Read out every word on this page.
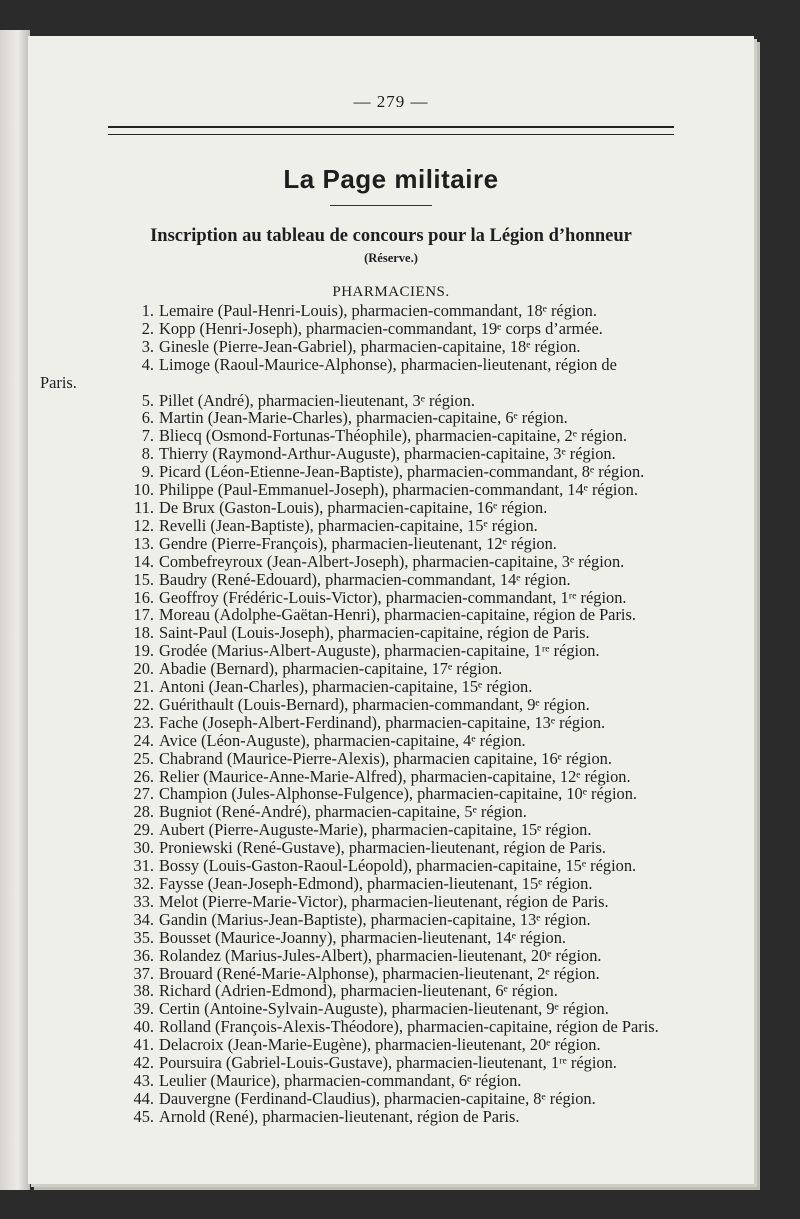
— 279 —
La Page militaire
Inscription au tableau de concours pour la Légion d’honneur
(Réserve.)
PHARMACIENS.
1. Lemaire (Paul-Henri-Louis), pharmacien-commandant, 18ᵉ région.
2. Kopp (Henri-Joseph), pharmacien-commandant, 19ᵉ corps d’armée.
3. Ginesle (Pierre-Jean-Gabriel), pharmacien-capitaine, 18ᵉ région.
4. Limoge (Raoul-Maurice-Alphonse), pharmacien-lieutenant, région de
Paris.
5. Pillet (André), pharmacien-lieutenant, 3ᵉ région.
6. Martin (Jean-Marie-Charles), pharmacien-capitaine, 6ᵉ région.
7. Bliecq (Osmond-Fortunas-Théophile), pharmacien-capitaine, 2ᵉ région.
8. Thierry (Raymond-Arthur-Auguste), pharmacien-capitaine, 3ᵉ région.
9. Picard (Léon-Etienne-Jean-Baptiste), pharmacien-commandant, 8ᵉ région.
10. Philippe (Paul-Emmanuel-Joseph), pharmacien-commandant, 14ᵉ région.
11. De Brux (Gaston-Louis), pharmacien-capitaine, 16ᵉ région.
12. Revelli (Jean-Baptiste), pharmacien-capitaine, 15ᵉ région.
13. Gendre (Pierre-François), pharmacien-lieutenant, 12ᵉ région.
14. Combefreyroux (Jean-Albert-Joseph), pharmacien-capitaine, 3ᵉ région.
15. Baudry (René-Edouard), pharmacien-commandant, 14ᵉ région.
16. Geoffroy (Frédéric-Louis-Victor), pharmacien-commandant, 1ʳᵉ région.
17. Moreau (Adolphe-Gaëtan-Henri), pharmacien-capitaine, région de Paris.
18. Saint-Paul (Louis-Joseph), pharmacien-capitaine, région de Paris.
19. Grodée (Marius-Albert-Auguste), pharmacien-capitaine, 1ʳᵉ région.
20. Abadie (Bernard), pharmacien-capitaine, 17ᵉ région.
21. Antoni (Jean-Charles), pharmacien-capitaine, 15ᵉ région.
22. Guérithault (Louis-Bernard), pharmacien-commandant, 9ᵉ région.
23. Fache (Joseph-Albert-Ferdinand), pharmacien-capitaine, 13ᵉ région.
24. Avice (Léon-Auguste), pharmacien-capitaine, 4ᵉ région.
25. Chabrand (Maurice-Pierre-Alexis), pharmacien capitaine, 16ᵉ région.
26. Relier (Maurice-Anne-Marie-Alfred), pharmacien-capitaine, 12ᵉ région.
27. Champion (Jules-Alphonse-Fulgence), pharmacien-capitaine, 10ᵉ région.
28. Bugniot (René-André), pharmacien-capitaine, 5ᵉ région.
29. Aubert (Pierre-Auguste-Marie), pharmacien-capitaine, 15ᵉ région.
30. Proniewski (René-Gustave), pharmacien-lieutenant, région de Paris.
31. Bossy (Louis-Gaston-Raoul-Léopold), pharmacien-capitaine, 15ᵉ région.
32. Faysse (Jean-Joseph-Edmond), pharmacien-lieutenant, 15ᵉ région.
33. Melot (Pierre-Marie-Victor), pharmacien-lieutenant, région de Paris.
34. Gandin (Marius-Jean-Baptiste), pharmacien-capitaine, 13ᵉ région.
35. Bousset (Maurice-Joanny), pharmacien-lieutenant, 14ᵉ région.
36. Rolandez (Marius-Jules-Albert), pharmacien-lieutenant, 20ᵉ région.
37. Brouard (René-Marie-Alphonse), pharmacien-lieutenant, 2ᵉ région.
38. Richard (Adrien-Edmond), pharmacien-lieutenant, 6ᵉ région.
39. Certin (Antoine-Sylvain-Auguste), pharmacien-lieutenant, 9ᵉ région.
40. Rolland (François-Alexis-Théodore), pharmacien-capitaine, région de Paris.
41. Delacroix (Jean-Marie-Eugène), pharmacien-lieutenant, 20ᵉ région.
42. Poursuira (Gabriel-Louis-Gustave), pharmacien-lieutenant, 1ʳᵉ région.
43. Leulier (Maurice), pharmacien-commandant, 6ᵉ région.
44. Dauvergne (Ferdinand-Claudius), pharmacien-capitaine, 8ᵉ région.
45. Arnold (René), pharmacien-lieutenant, région de Paris.
